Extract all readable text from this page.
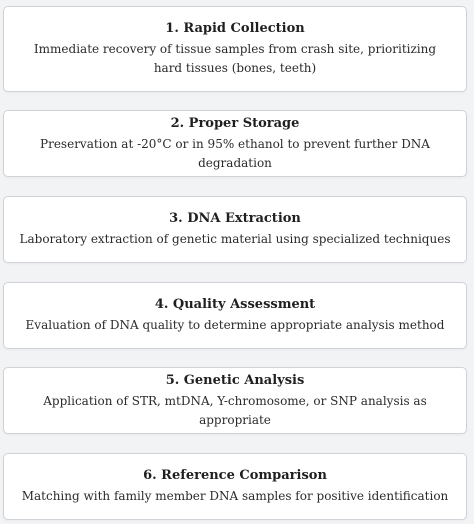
1. Rapid Collection
Immediate recovery of tissue samples from crash site, prioritizing hard tissues (bones, teeth)
2. Proper Storage
Preservation at -20°C or in 95% ethanol to prevent further DNA degradation
3. DNA Extraction
Laboratory extraction of genetic material using specialized techniques
4. Quality Assessment
Evaluation of DNA quality to determine appropriate analysis method
5. Genetic Analysis
Application of STR, mtDNA, Y-chromosome, or SNP analysis as appropriate
6. Reference Comparison
Matching with family member DNA samples for positive identification
